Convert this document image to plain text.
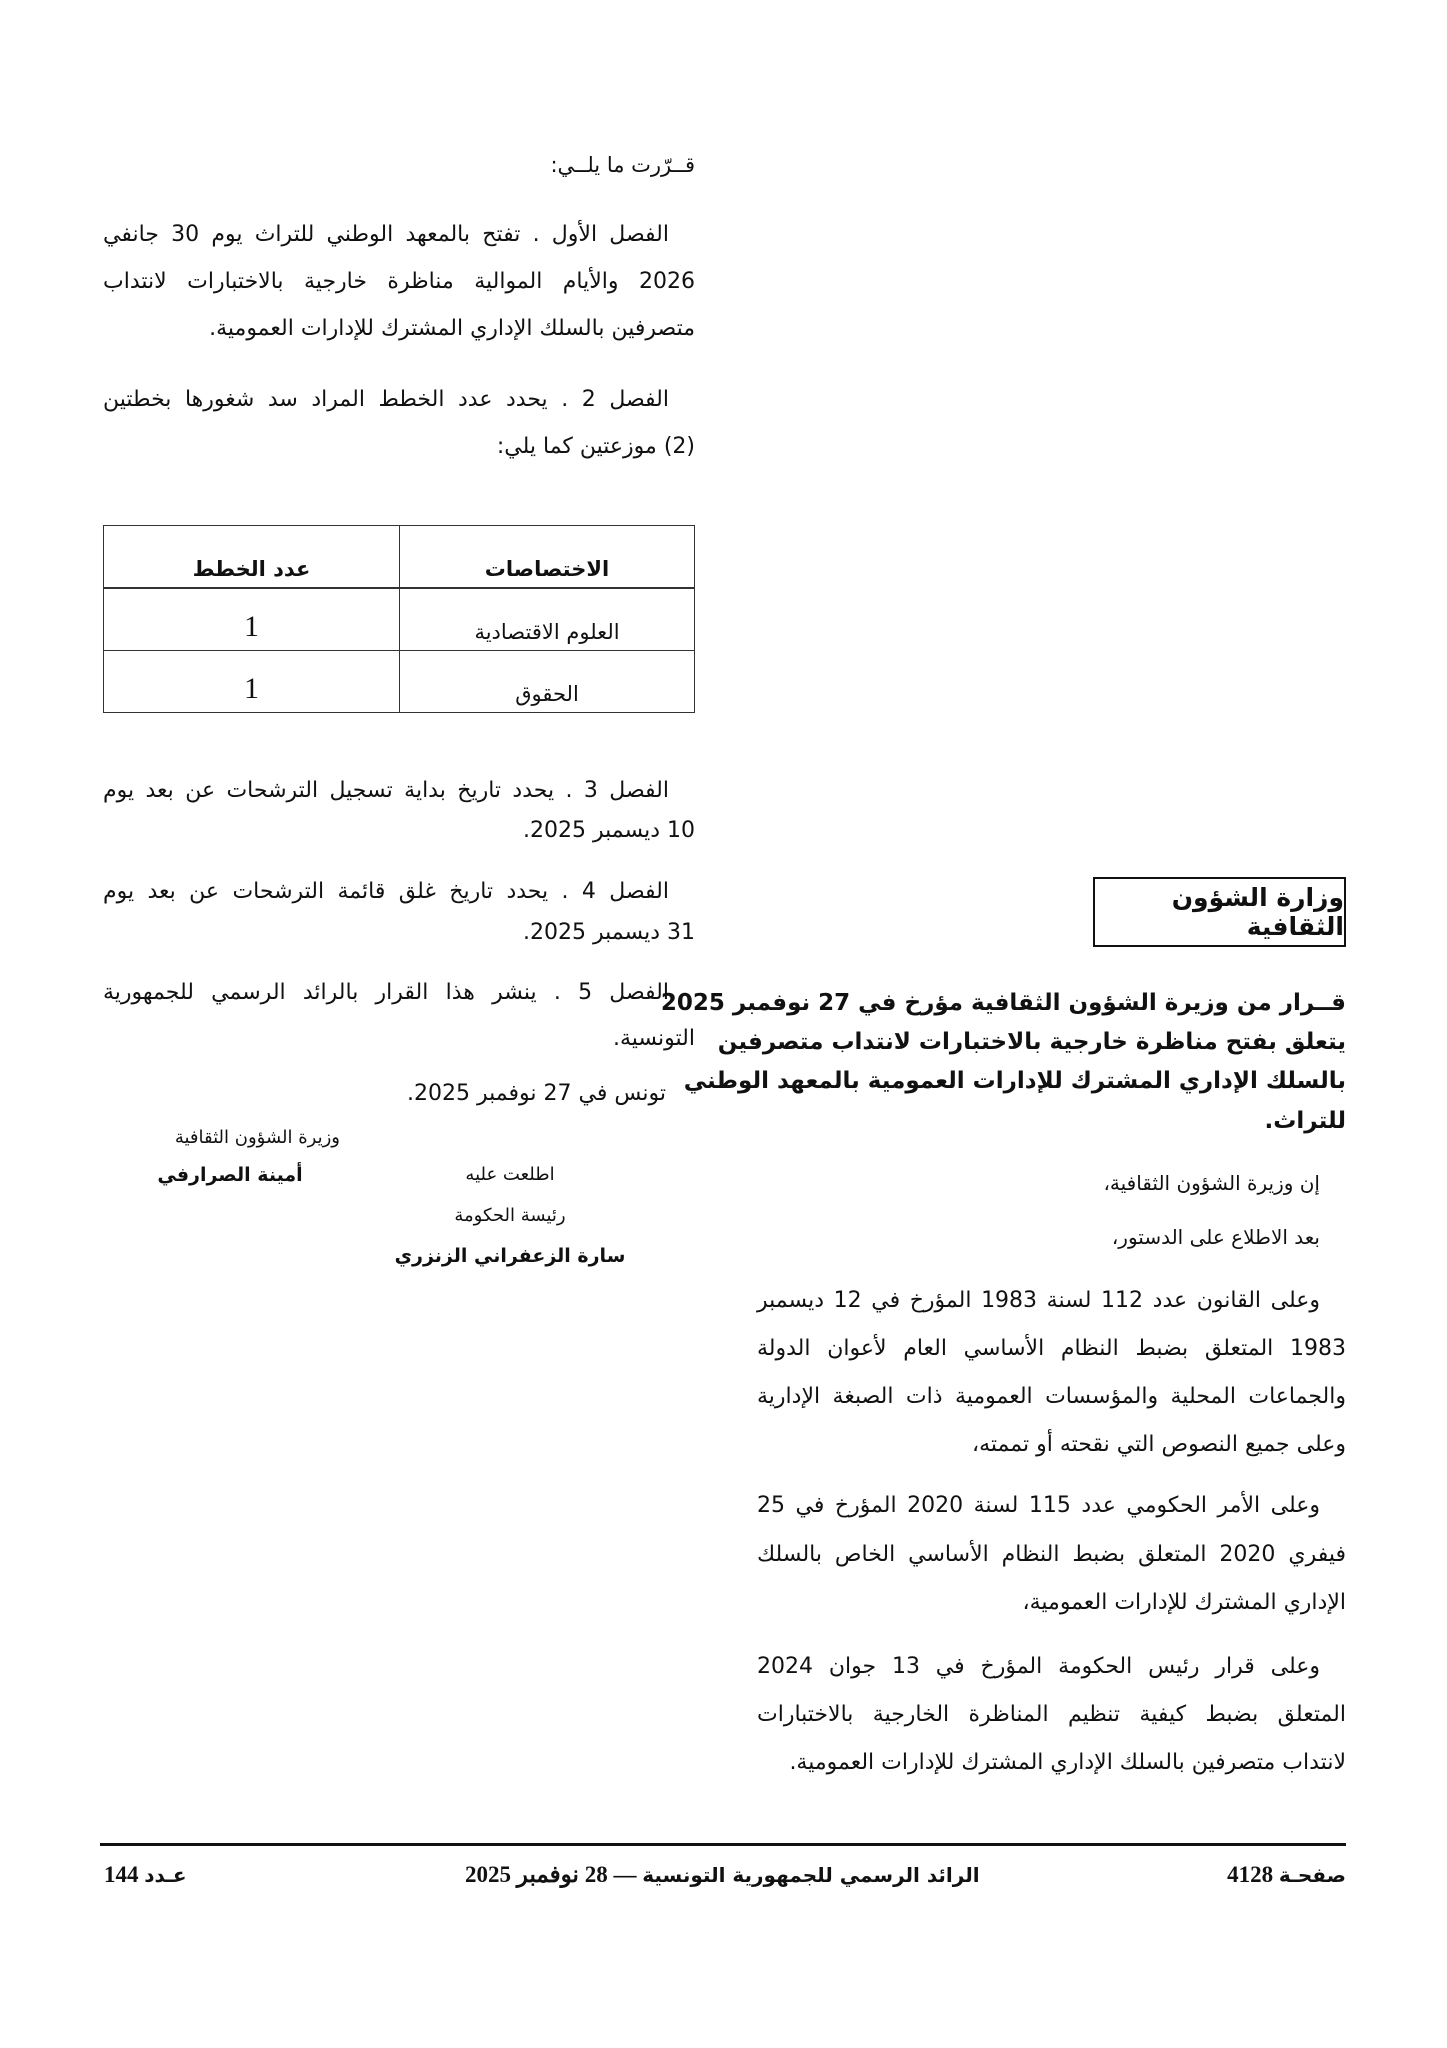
قــرّرت ما يلــي:
الفصل الأول . تفتح بالمعهد الوطني للتراث يوم 30 جانفي
2026 والأيام الموالية مناظرة خارجية بالاختبارات لانتداب
متصرفين بالسلك الإداري المشترك للإدارات العمومية.
الفصل 2 . يحدد عدد الخطط المراد سد شغورها بخطتين
(2) موزعتين كما يلي:
الاختصاصات	عدد الخطط
العلوم الاقتصادية	1
الحقوق	1
الفصل 3 . يحدد تاريخ بداية تسجيل الترشحات عن بعد يوم
10 ديسمبر 2025.
الفصل 4 . يحدد تاريخ غلق قائمة الترشحات عن بعد يوم
31 ديسمبر 2025.
الفصل 5 . ينشر هذا القرار بالرائد الرسمي للجمهورية
التونسية.
تونس في 27 نوفمبر 2025.
وزيرة الشؤون الثقافية
أمينة الصرارفي	اطلعت عليه
رئيسة الحكومة
سارة الزعفراني الزنزري
وزارة الشؤون الثقافية
قــرار من وزيرة الشؤون الثقافية مؤرخ في 27 نوفمبر 2025
يتعلق بفتح مناظرة خارجية بالاختبارات لانتداب متصرفين
بالسلك الإداري المشترك للإدارات العمومية بالمعهد الوطني
للتراث.
إن وزيرة الشؤون الثقافية،
بعد الاطلاع على الدستور،
وعلى القانون عدد 112 لسنة 1983 المؤرخ في 12 ديسمبر
1983 المتعلق بضبط النظام الأساسي العام لأعوان الدولة
والجماعات المحلية والمؤسسات العمومية ذات الصبغة الإدارية
وعلى جميع النصوص التي نقحته أو تممته،
وعلى الأمر الحكومي عدد 115 لسنة 2020 المؤرخ في 25
فيفري 2020 المتعلق بضبط النظام الأساسي الخاص بالسلك
الإداري المشترك للإدارات العمومية،
وعلى قرار رئيس الحكومة المؤرخ في 13 جوان 2024
المتعلق بضبط كيفية تنظيم المناظرة الخارجية بالاختبارات
لانتداب متصرفين بالسلك الإداري المشترك للإدارات العمومية.
صفحـة 4128
الرائد الرسمي للجمهورية التونسية — 28 نوفمبر 2025
عـدد 144
